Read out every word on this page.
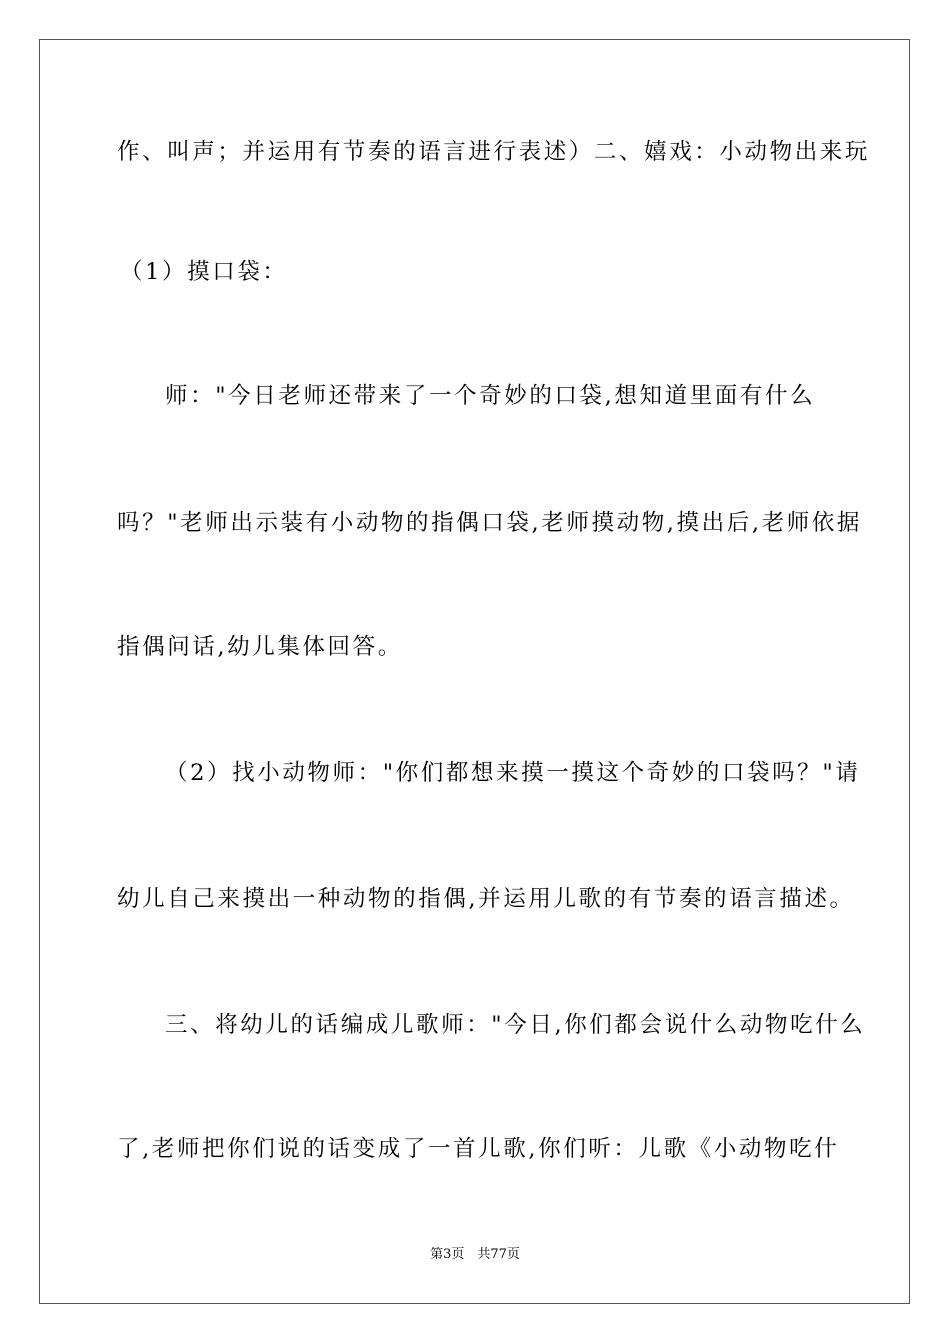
作、叫声；并运用有节奏的语言进行表述）二、嬉戏：小动物出来玩
（1）摸口袋：
师："今日老师还带来了一个奇妙的口袋,想知道里面有什么
吗？"老师出示装有小动物的指偶口袋,老师摸动物,摸出后,老师依据
指偶问话,幼儿集体回答。
（2）找小动物师："你们都想来摸一摸这个奇妙的口袋吗？"请
幼儿自己来摸出一种动物的指偶,并运用儿歌的有节奏的语言描述。
三、将幼儿的话编成儿歌师："今日,你们都会说什么动物吃什么
了,老师把你们说的话变成了一首儿歌,你们听：儿歌《小动物吃什
第3页　共77页
